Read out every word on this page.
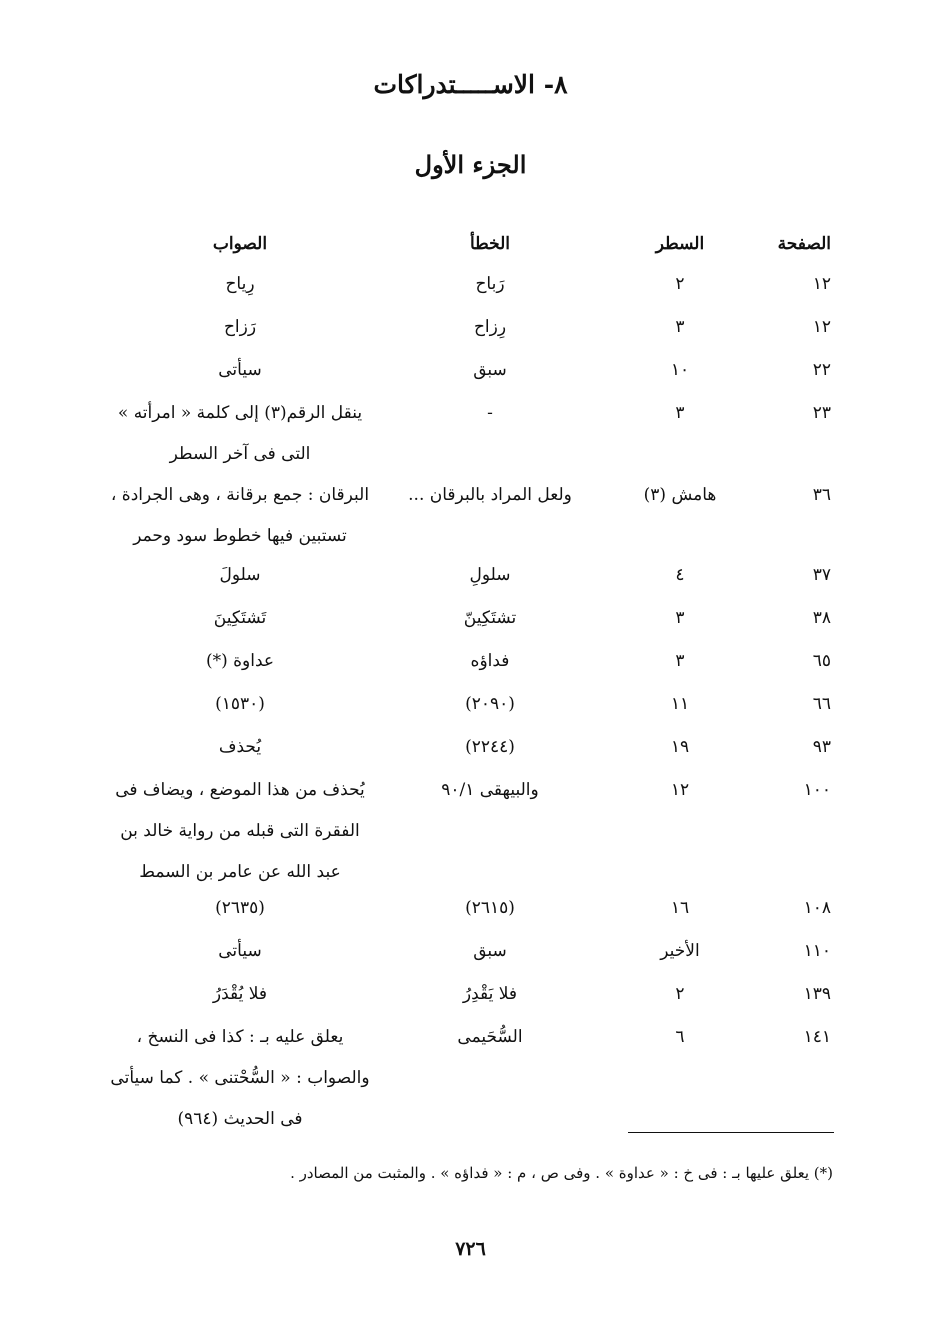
٨- الاســـــتدراكات
الجزء الأول
الصفحة
السطر
الخطأ
الصواب
١٢
٢
رَباح
رِياح
١٢
٣
رِزاح
رَزاح
٢٢
١٠
سبق
سيأتى
٢٣
٣
-
ينقل الرقم(٣) إلى كلمة « امرأته » التى فى آخر السطر
٣٦
هامش (٣)
ولعل المراد بالبرقان ...
البرقان : جمع برقانة ، وهى الجرادة ، تستبين فيها خطوط سود وحمر
٣٧
٤
سلولِ
سلولَ
٣٨
٣
تشتَكِينّ
تَشتَكِينَ
٦٥
٣
فداؤه
عداوة (*)
٦٦
١١
(٢٠٩٠)
(١٥٣٠)
٩٣
١٩
(٢٢٤٤)
يُحذف
١٠٠
١٢
والبيهقى ٩٠/١
يُحذف من هذا الموضع ، ويضاف فى الفقرة التى قبله من رواية خالد بن عبد الله عن عامر بن السمط
١٠٨
١٦
(٢٦١٥)
(٢٦٣٥)
١١٠
الأخير
سبق
سيأتى
١٣٩
٢
فلا يَقْدِرُ
فلا يُقْدَرُ
١٤١
٦
السُّحَيمى
يعلق عليه بـ : كذا فى النسخ ، والصواب : « السُّحْتنى » . كما سيأتى فى الحديث (٩٦٤)
(*) يعلق عليها بـ : فى خ : « عداوة » . وفى ص ، م : « فداؤه » . والمثبت من المصادر .
٧٢٦
